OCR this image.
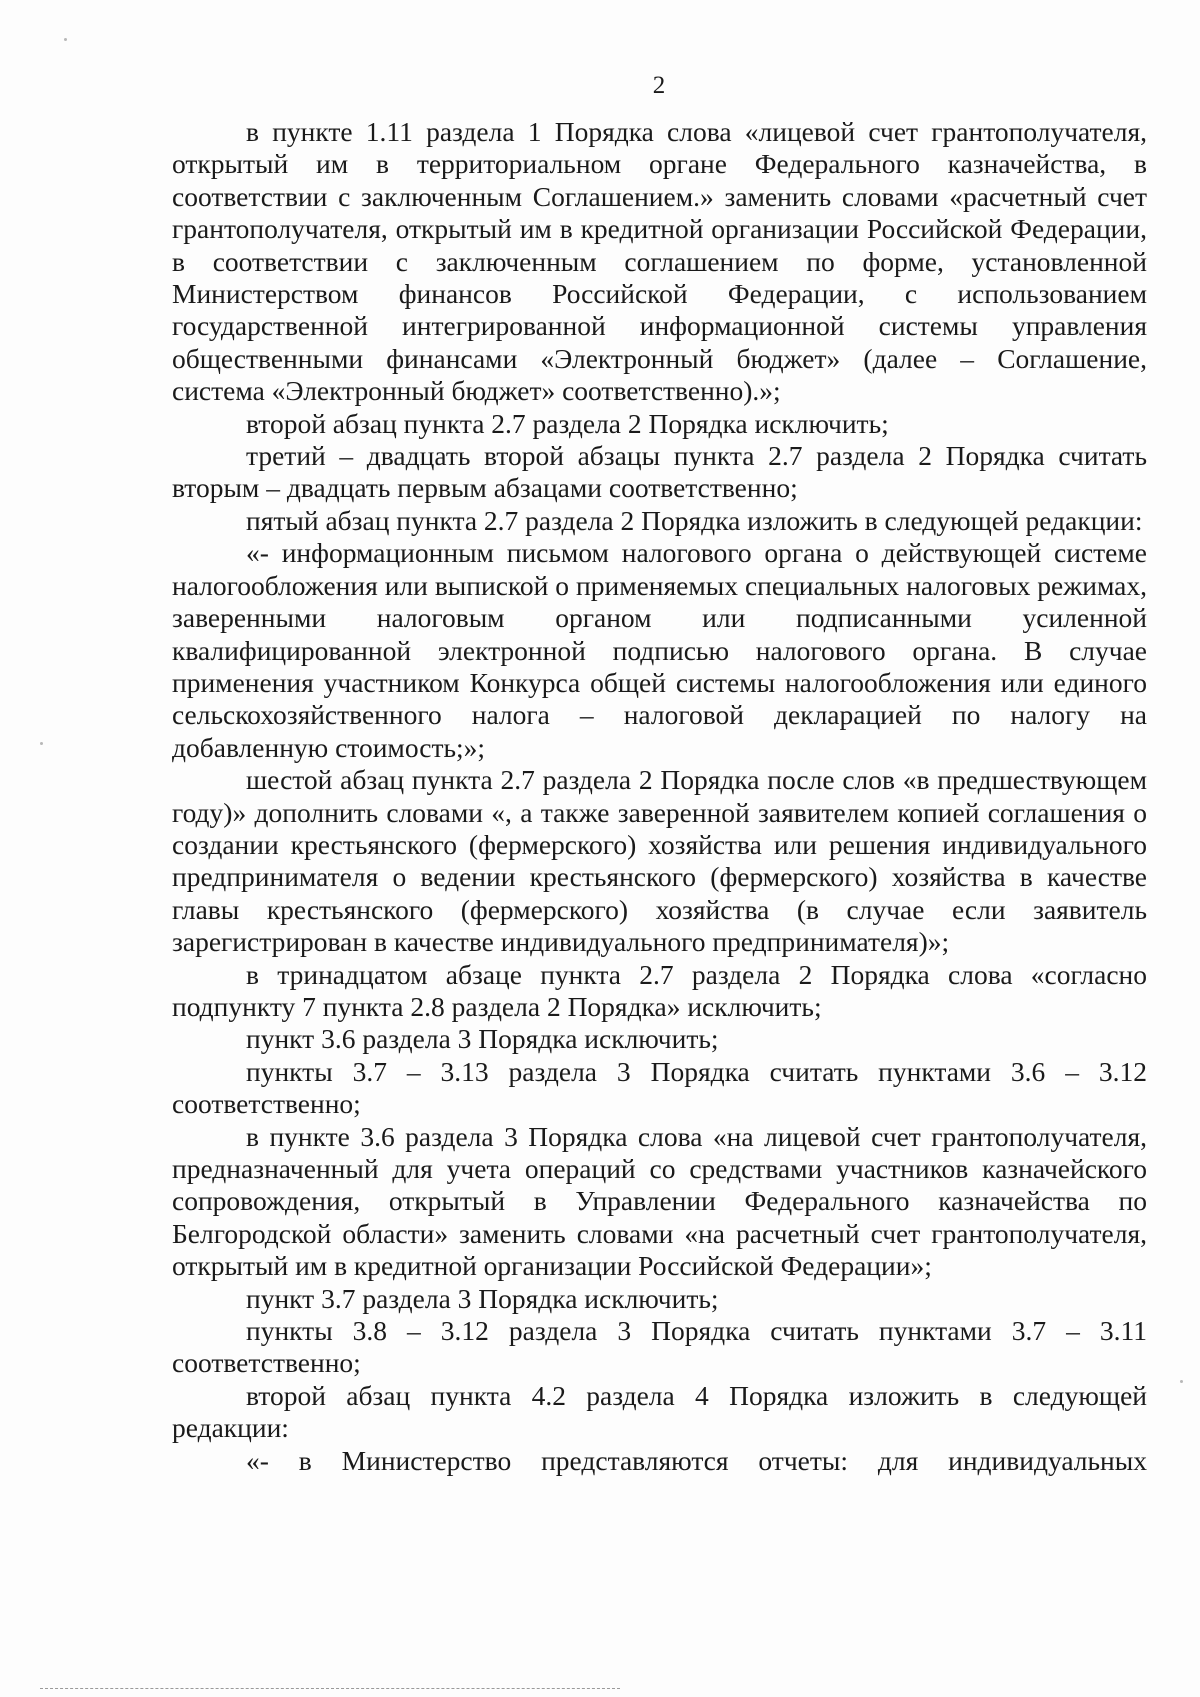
2

в пункте 1.11 раздела 1 Порядка слова «лицевой счет грантополучателя, открытый им в территориальном органе Федерального казначейства, в соответствии с заключенным Соглашением.» заменить словами «расчетный счет грантополучателя, открытый им в кредитной организации Российской Федерации, в соответствии с заключенным соглашением по форме, установленной Министерством финансов Российской Федерации, с использованием государственной интегрированной информационной системы управления общественными финансами «Электронный бюджет» (далее – Соглашение, система «Электронный бюджет» соответственно).»;

второй абзац пункта 2.7 раздела 2 Порядка исключить;

третий – двадцать второй абзацы пункта 2.7 раздела 2 Порядка считать вторым – двадцать первым абзацами соответственно;

пятый абзац пункта 2.7 раздела 2 Порядка изложить в следующей редакции:

«- информационным письмом налогового органа о действующей системе налогообложения или выпиской о применяемых специальных налоговых режимах, заверенными налоговым органом или подписанными усиленной квалифицированной электронной подписью налогового органа. В случае применения участником Конкурса общей системы налогообложения или единого сельскохозяйственного налога – налоговой декларацией по налогу на добавленную стоимость;»;

шестой абзац пункта 2.7 раздела 2 Порядка после слов «в предшествующем году)» дополнить словами «, а также заверенной заявителем копией соглашения о создании крестьянского (фермерского) хозяйства или решения индивидуального предпринимателя о ведении крестьянского (фермерского) хозяйства в качестве главы крестьянского (фермерского) хозяйства (в случае если заявитель зарегистрирован в качестве индивидуального предпринимателя)»;

в тринадцатом абзаце пункта 2.7 раздела 2 Порядка слова «согласно подпункту 7 пункта 2.8 раздела 2 Порядка» исключить;

пункт 3.6 раздела 3 Порядка исключить;

пункты 3.7 – 3.13 раздела 3 Порядка считать пунктами 3.6 – 3.12 соответственно;

в пункте 3.6 раздела 3 Порядка слова «на лицевой счет грантополучателя, предназначенный для учета операций со средствами участников казначейского сопровождения, открытый в Управлении Федерального казначейства по Белгородской области» заменить словами «на расчетный счет грантополучателя, открытый им в кредитной организации Российской Федерации»;

пункт 3.7 раздела 3 Порядка исключить;

пункты 3.8 – 3.12 раздела 3 Порядка считать пунктами 3.7 – 3.11 соответственно;

второй абзац пункта 4.2 раздела 4 Порядка изложить в следующей редакции:

«- в Министерство представляются отчеты: для индивидуальных
